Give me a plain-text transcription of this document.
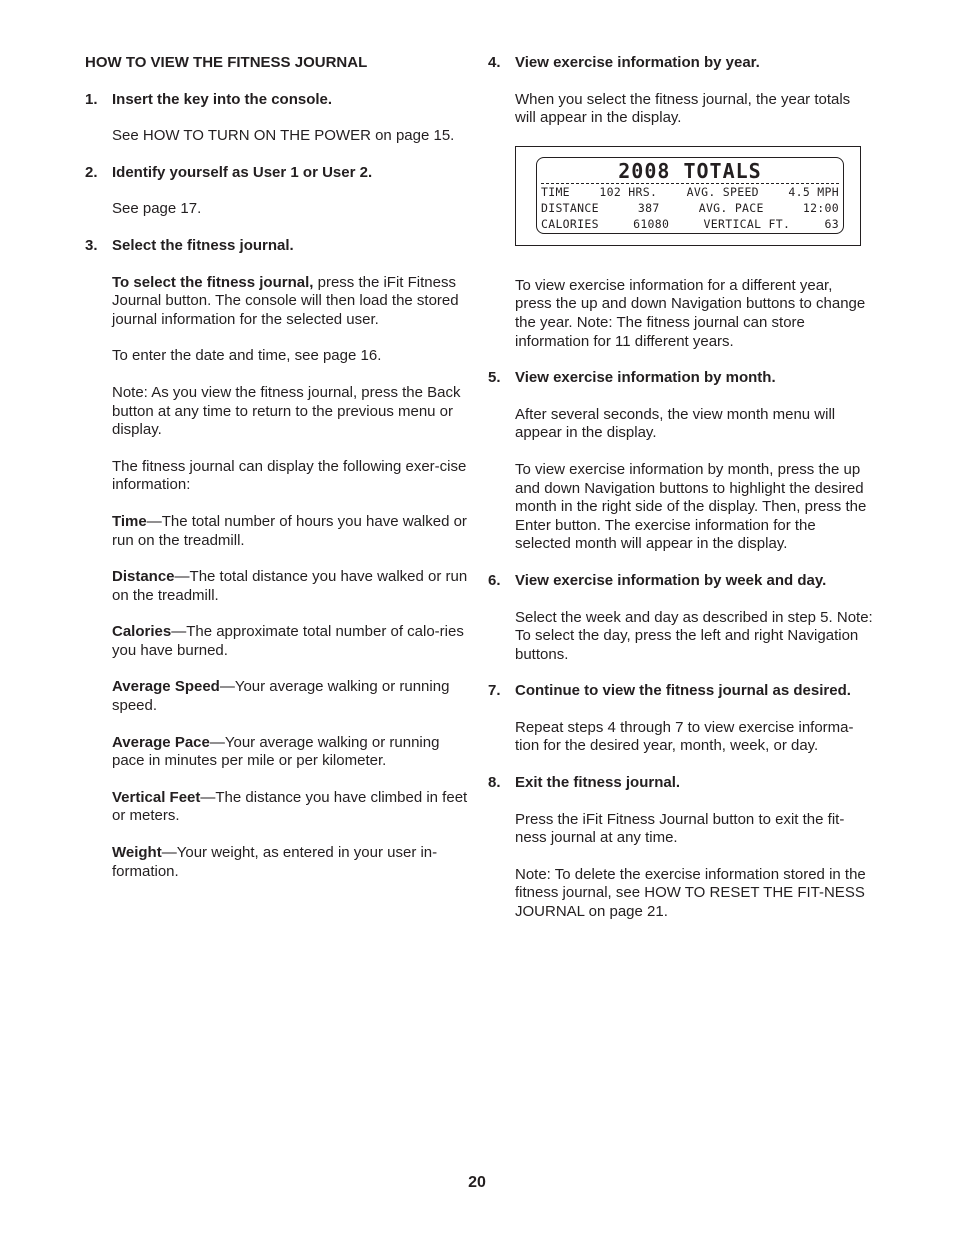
HOW TO VIEW THE FITNESS JOURNAL
1. Insert the key into the console.
See HOW TO TURN ON THE POWER on page 15.
2. Identify yourself as User 1 or User 2.
See page 17.
3. Select the fitness journal.
To select the fitness journal, press the iFit Fitness Journal button. The console will then load the stored journal information for the selected user.
To enter the date and time, see page 16.
Note: As you view the fitness journal, press the Back button at any time to return to the previous menu or display.
The fitness journal can display the following exer-cise information:
Time—The total number of hours you have walked or run on the treadmill.
Distance—The total distance you have walked or run on the treadmill.
Calories—The approximate total number of calo-ries you have burned.
Average Speed—Your average walking or running speed.
Average Pace—Your average walking or running pace in minutes per mile or per kilometer.
Vertical Feet—The distance you have climbed in feet or meters.
Weight—Your weight, as entered in your user in-formation.
4. View exercise information by year.
When you select the fitness journal, the year totals will appear in the display.
2008 TOTALS
TIME	102 HRS.	AVG. SPEED	4.5 MPH
DISTANCE	387	AVG. PACE	12:00
CALORIES	61080	VERTICAL FT.	63
To view exercise information for a different year, press the up and down Navigation buttons to change the year. Note: The fitness journal can store information for 11 different years.
5. View exercise information by month.
After several seconds, the view month menu will appear in the display.
To view exercise information by month, press the up and down Navigation buttons to highlight the desired month in the right side of the display. Then, press the Enter button. The exercise information for the selected month will appear in the display.
6. View exercise information by week and day.
Select the week and day as described in step 5. Note: To select the day, press the left and right Navigation buttons.
7. Continue to view the fitness journal as desired.
Repeat steps 4 through 7 to view exercise informa-tion for the desired year, month, week, or day.
8. Exit the fitness journal.
Press the iFit Fitness Journal button to exit the fit-ness journal at any time.
Note: To delete the exercise information stored in the fitness journal, see HOW TO RESET THE FIT-NESS JOURNAL on page 21.
20
